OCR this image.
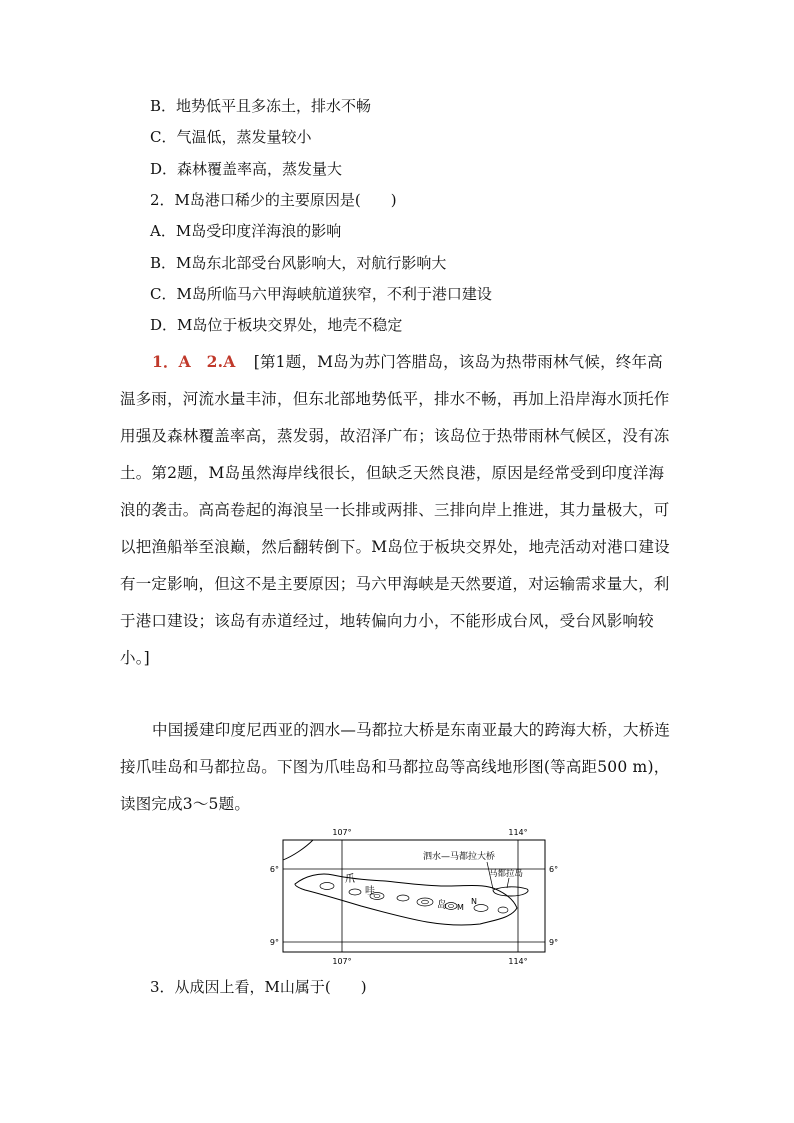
B．地势低平且多冻土，排水不畅
C．气温低，蒸发量较小
D．森林覆盖率高，蒸发量大
2．M岛港口稀少的主要原因是(　　)
A．M岛受印度洋海浪的影响
B．M岛东北部受台风影响大，对航行影响大
C．M岛所临马六甲海峡航道狭窄，不利于港口建设
D．M岛位于板块交界处，地壳不稳定
1．A　2.A [第1题，M岛为苏门答腊岛，该岛为热带雨林气候，终年高温多雨，河流水量丰沛，但东北部地势低平，排水不畅，再加上沿岸海水顶托作用强及森林覆盖率高，蒸发弱，故沼泽广布；该岛位于热带雨林气候区，没有冻土。第2题，M岛虽然海岸线很长，但缺乏天然良港，原因是经常受到印度洋海浪的袭击。高高卷起的海浪呈一长排或两排、三排向岸上推进，其力量极大，可以把渔船举至浪巅，然后翻转倒下。M岛位于板块交界处，地壳活动对港口建设有一定影响，但这不是主要原因；马六甲海峡是天然要道，对运输需求量大，利于港口建设；该岛有赤道经过，地转偏向力小，不能形成台风，受台风影响较小。]
中国援建印度尼西亚的泗水—马都拉大桥是东南亚最大的跨海大桥，大桥连接爪哇岛和马都拉岛。下图为爪哇岛和马都拉岛等高线地形图(等高距500 m)，读图完成3～5题。
107°	114°
107°	114°
6°	6°
9°	9°
泗水—马都拉大桥
马都拉岛
爪
哇
岛 M
N
3．从成因上看，M山属于(　　)
